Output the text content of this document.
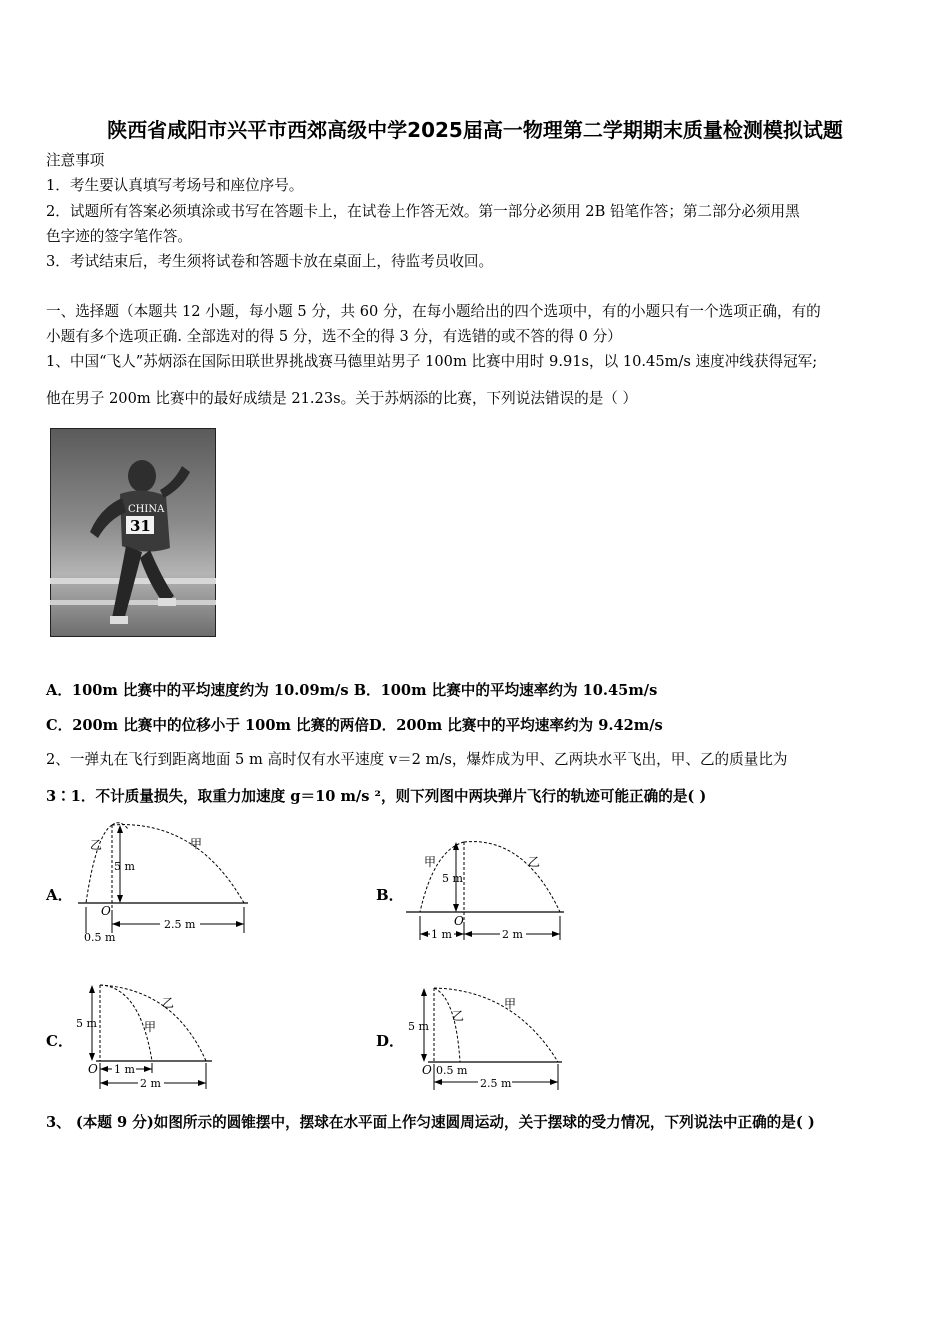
陕西省咸阳市兴平市西郊高级中学2025届高一物理第二学期期末质量检测模拟试题
注意事项
1．考生要认真填写考场号和座位序号。
2．试题所有答案必须填涂或书写在答题卡上，在试卷上作答无效。第一部分必须用 2B 铅笔作答；第二部分必须用黑
色字迹的签字笔作答。
3．考试结束后，考生须将试卷和答题卡放在桌面上，待监考员收回。
一、选择题（本题共 12 小题，每小题 5 分，共 60 分，在每小题给出的四个选项中，有的小题只有一个选项正确，有的
小题有多个选项正确. 全部选对的得 5 分，选不全的得 3 分，有选错的或不答的得 0 分）
1、中国“飞人”苏炳添在国际田联世界挑战赛马德里站男子 100m 比赛中用时 9.91s，以 10.45m/s 速度冲线获得冠军;
他在男子 200m 比赛中的最好成绩是 21.23s。关于苏炳添的比赛，下列说法错误的是（ ）
CHINA
31
A．100m 比赛中的平均速度约为 10.09m/s B．100m 比赛中的平均速率约为 10.45m/s
C．200m 比赛中的位移小于 100m 比赛的两倍D．200m 比赛中的平均速率约为 9.42m/s
2、一弹丸在飞行到距离地面 5 m 高时仅有水平速度 v＝2 m/s，爆炸成为甲、乙两块水平飞出，甲、乙的质量比为
3∶1．不计质量损失，取重力加速度 g＝10 m/s ²，则下列图中两块弹片飞行的轨迹可能正确的是( )
A．
5 m
乙	甲
O
2.5 m
0.5 m
B．
5 m
甲	乙
O
1 m	2 m
C．
5 m
乙
甲
O 1 m
2 m
D．
5 m
乙
甲
O 0.5 m
2.5 m
3、 (本题 9 分)如图所示的圆锥摆中，摆球在水平面上作匀速圆周运动，关于摆球的受力情况，下列说法中正确的是( )
